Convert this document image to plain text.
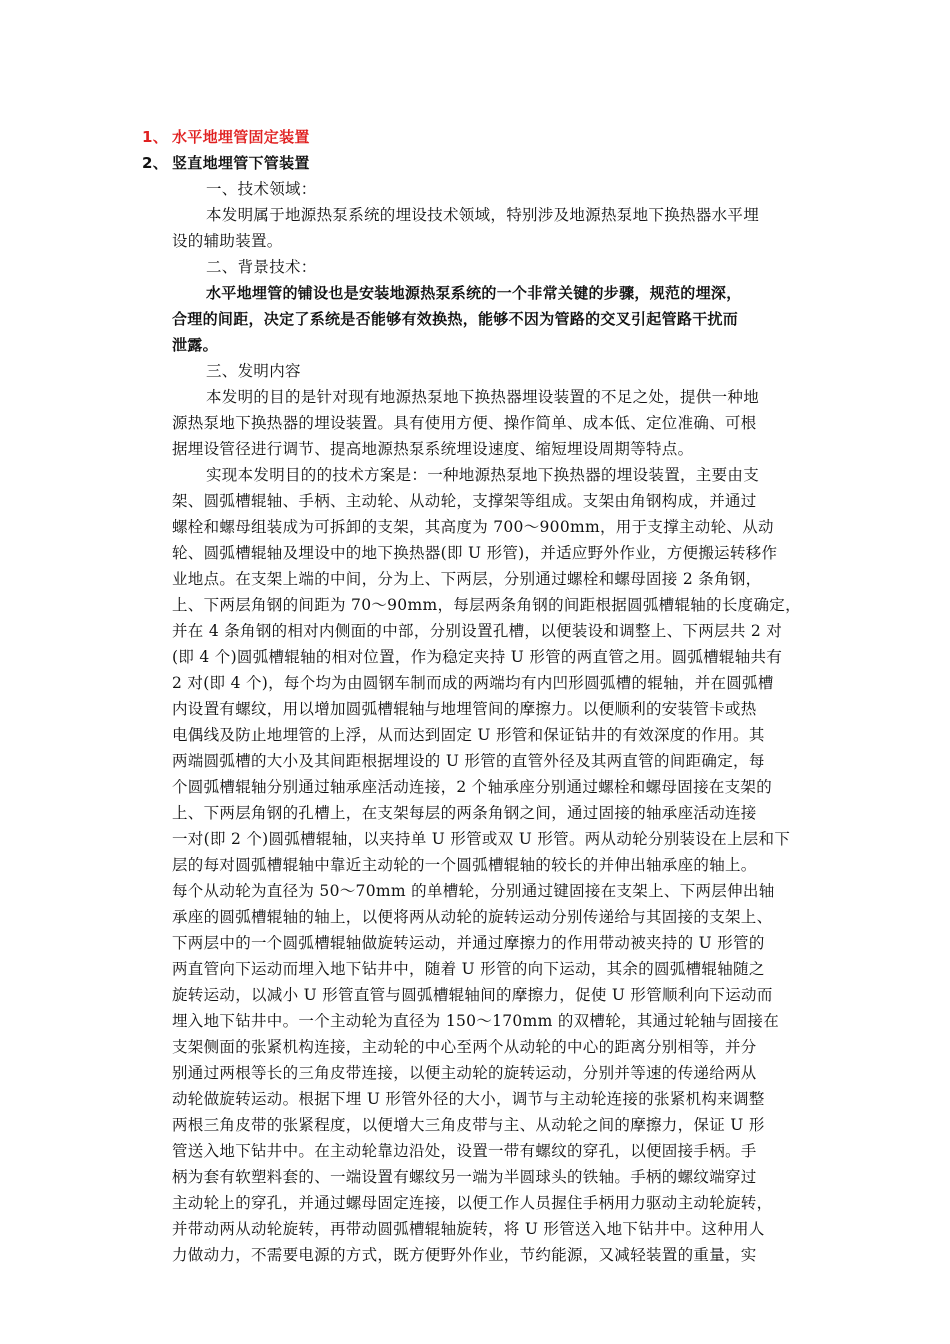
1、 水平地埋管固定装置
2、 竖直地埋管下管装置
一、技术领域：
本发明属于地源热泵系统的埋设技术领域，特别涉及地源热泵地下换热器水平埋
设的辅助装置。
二、背景技术：
水平地埋管的铺设也是安装地源热泵系统的一个非常关键的步骤，规范的埋深，
合理的间距，决定了系统是否能够有效换热，能够不因为管路的交叉引起管路干扰而
泄露。
三、发明内容
本发明的目的是针对现有地源热泵地下换热器埋设装置的不足之处，提供一种地
源热泵地下换热器的埋设装置。具有使用方便、操作简单、成本低、定位准确、可根
据埋设管径进行调节、提高地源热泵系统埋设速度、缩短埋设周期等特点。
实现本发明目的的技术方案是：一种地源热泵地下换热器的埋设装置，主要由支
架、圆弧槽辊轴、手柄、主动轮、从动轮，支撑架等组成。支架由角钢构成，并通过
螺栓和螺母组装成为可拆卸的支架，其高度为 700～900mm，用于支撑主动轮、从动
轮、圆弧槽辊轴及埋设中的地下换热器(即 U 形管)，并适应野外作业，方便搬运转移作
业地点。在支架上端的中间，分为上、下两层，分别通过螺栓和螺母固接 2 条角钢，
上、下两层角钢的间距为 70～90mm，每层两条角钢的间距根据圆弧槽辊轴的长度确定，
并在 4 条角钢的相对内侧面的中部，分别设置孔槽，以便装设和调整上、下两层共 2 对
(即 4 个)圆弧槽辊轴的相对位置，作为稳定夹持 U 形管的两直管之用。圆弧槽辊轴共有
2 对(即 4 个)，每个均为由圆钢车制而成的两端均有内凹形圆弧槽的辊轴，并在圆弧槽
内设置有螺纹，用以增加圆弧槽辊轴与地埋管间的摩擦力。以便顺利的安装管卡或热
电偶线及防止地埋管的上浮，从而达到固定 U 形管和保证钻井的有效深度的作用。其
两端圆弧槽的大小及其间距根据埋设的 U 形管的直管外径及其两直管的间距确定，每
个圆弧槽辊轴分别通过轴承座活动连接，2 个轴承座分别通过螺栓和螺母固接在支架的
上、下两层角钢的孔槽上，在支架每层的两条角钢之间，通过固接的轴承座活动连接
一对(即 2 个)圆弧槽辊轴，以夹持单 U 形管或双 U 形管。两从动轮分别装设在上层和下
层的每对圆弧槽辊轴中靠近主动轮的一个圆弧槽辊轴的较长的并伸出轴承座的轴上。
每个从动轮为直径为 50～70mm 的单槽轮，分别通过键固接在支架上、下两层伸出轴
承座的圆弧槽辊轴的轴上，以便将两从动轮的旋转运动分别传递给与其固接的支架上、
下两层中的一个圆弧槽辊轴做旋转运动，并通过摩擦力的作用带动被夹持的 U 形管的
两直管向下运动而埋入地下钻井中，随着 U 形管的向下运动，其余的圆弧槽辊轴随之
旋转运动，以减小 U 形管直管与圆弧槽辊轴间的摩擦力，促使 U 形管顺利向下运动而
埋入地下钻井中。一个主动轮为直径为 150～170mm 的双槽轮，其通过轮轴与固接在
支架侧面的张紧机构连接，主动轮的中心至两个从动轮的中心的距离分别相等，并分
别通过两根等长的三角皮带连接，以便主动轮的旋转运动，分别并等速的传递给两从
动轮做旋转运动。根据下埋 U 形管外径的大小，调节与主动轮连接的张紧机构来调整
两根三角皮带的张紧程度，以便增大三角皮带与主、从动轮之间的摩擦力，保证 U 形
管送入地下钻井中。在主动轮靠边沿处，设置一带有螺纹的穿孔，以便固接手柄。手
柄为套有软塑料套的、一端设置有螺纹另一端为半圆球头的铁轴。手柄的螺纹端穿过
主动轮上的穿孔，并通过螺母固定连接，以便工作人员握住手柄用力驱动主动轮旋转，
并带动两从动轮旋转，再带动圆弧槽辊轴旋转，将 U 形管送入地下钻井中。这种用人
力做动力，不需要电源的方式，既方便野外作业，节约能源，又减轻装置的重量，实
